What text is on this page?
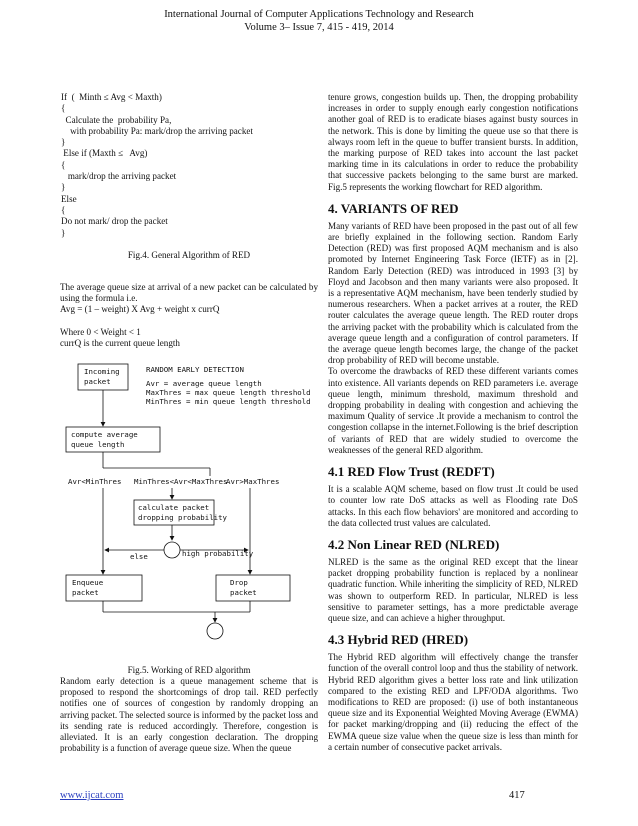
International Journal of Computer Applications Technology and Research
Volume 3– Issue 7, 415 - 419, 2014
If  (  Minth ≤ Avg < Maxth)
{
Calculate the  probability Pa,
with probability Pa: mark/drop the arriving packet
}
Else if (Maxth ≤   Avg)
{
mark/drop the arriving packet
}
Else
{
Do not mark/ drop the packet
}
Fig.4. General Algorithm of RED

The average queue size at arrival of a new packet can be calculated by using the formula i.e.

Avg = (1 – weight) X Avg + weight x currQ

Where 0 < Weight < 1

currQ is the current queue length

Incoming
packet
RANDOM EARLY DETECTION
Avr = average queue length
MaxThres = max queue length threshold
MinThres = min queue length threshold
compute average
queue length
Avr<MinThres MinThres<Avr<MaxThres
Avr>MaxThres
calculate packet
dropping probability
else	high probability
Enqueue
packet
Drop
packet
Fig.5. Working of RED algorithm
Random early detection is a queue management scheme that is proposed to respond the shortcomings of drop tail. RED perfectly notifies one of sources of congestion by randomly dropping an arriving packet. The selected source is informed by the packet loss and its sending rate is reduced accordingly. Therefore, congestion is alleviated. It is an early congestion declaration. The dropping probability is a function of average queue size. When the queue

tenure grows, congestion builds up. Then, the dropping probability increases in order to supply enough early congestion notifications another goal of RED is to eradicate biases against busty sources in the network. This is done by limiting the queue use so that there is always room left in the queue to buffer transient bursts. In addition, the marking purpose of RED takes into account the last packet marking time in its calculations in order to reduce the probability that successive packets belonging to the same burst are marked. Fig.5 represents the working flowchart for RED algorithm.

4. VARIANTS OF RED

Many variants of RED have been proposed in the past out of all few are briefly explained in the following section. Random Early Detection (RED) was first proposed AQM mechanism and is also promoted by Internet Engineering Task Force (IETF) as in [2]. Random Early Detection (RED) was introduced in 1993 [3] by Floyd and Jacobson and then many variants were also proposed. It is a representative AQM mechanism, have been tenderly studied by numerous researchers. When a packet arrives at a router, the RED router calculates the average queue length. The RED router drops the arriving packet with the probability which is calculated from the average queue length and a configuration of control parameters. If the average queue length becomes large, the change of the packet drop probability of RED will become unstable.

To overcome the drawbacks of RED these different variants comes into existence. All variants depends on RED parameters i.e. average queue length, minimum threshold, maximum threshold and dropping probability in dealing with congestion and achieving the maximum Quality of service .It provide a mechanism to control the congestion collapse in the internet.Following is the brief description of variants of RED that are widely studied to overcome the weaknesses of the general RED algorithm.

4.1 RED Flow Trust (REDFT)

It is a scalable AQM scheme, based on flow trust .It could be used to counter low rate DoS attacks as well as Flooding rate DoS attacks. In this each flow behaviors' are monitored and according to the data collected trust values are calculated.

4.2 Non Linear RED (NLRED)

NLRED is the same as the original RED except that the linear packet dropping probability function is replaced by a nonlinear quadratic function. While inheriting the simplicity of RED, NLRED was shown to outperform RED. In particular, NLRED is less sensitive to parameter settings, has a more predictable average queue size, and can achieve a higher throughput.

4.3 Hybrid RED (HRED)

The Hybrid RED algorithm will effectively change the transfer function of the overall control loop and thus the stability of network. Hybrid RED algorithm gives a better loss rate and link utilization compared to the existing RED and LPF/ODA algorithms. Two modifications to RED are proposed: (i) use of both instantaneous queue size and its Exponential Weighted Moving Average (EWMA) for packet marking/dropping and (ii) reducing the effect of the EWMA queue size value when the queue size is less than minth for a certain number of consecutive packet arrivals.

www.ijcat.com	417
